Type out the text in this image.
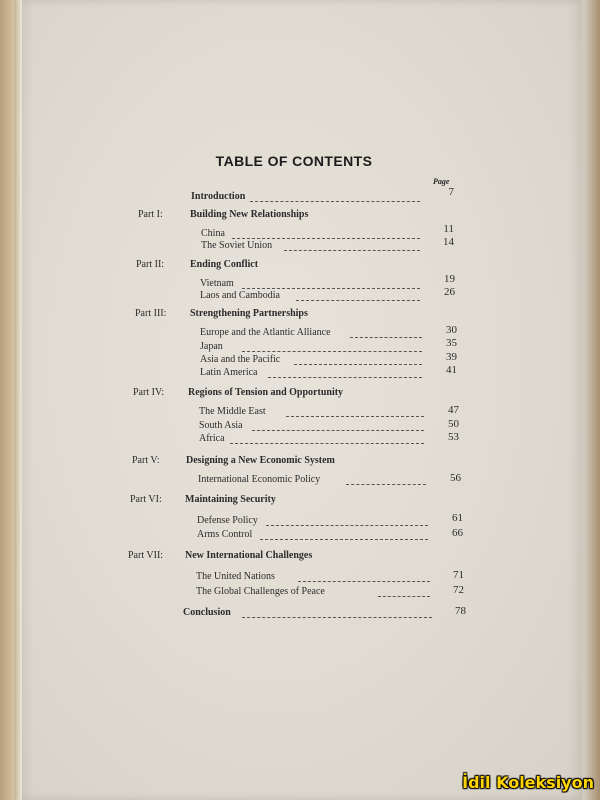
TABLE OF CONTENTS
Page
Introduction	7
Part I:	Building New Relationships
China	11
The Soviet Union	14
Part II:	Ending Conflict
Vietnam	19
Laos and Cambodia	26
Part III: Strengthening Partnerships
Europe and the Atlantic Alliance	30
Japan	35
Asia and the Pacific	39
Latin America	41
Part IV: Regions of Tension and Opportunity
The Middle East	47
South Asia	50
Africa	53
Part V:	Designing a New Economic System
International Economic Policy	56
Part VI: Maintaining Security
Defense Policy	61
Arms Control	66
Part VII: New International Challenges
The United Nations	71
The Global Challenges of Peace	72
Conclusion	78
İdil Koleksiyon
